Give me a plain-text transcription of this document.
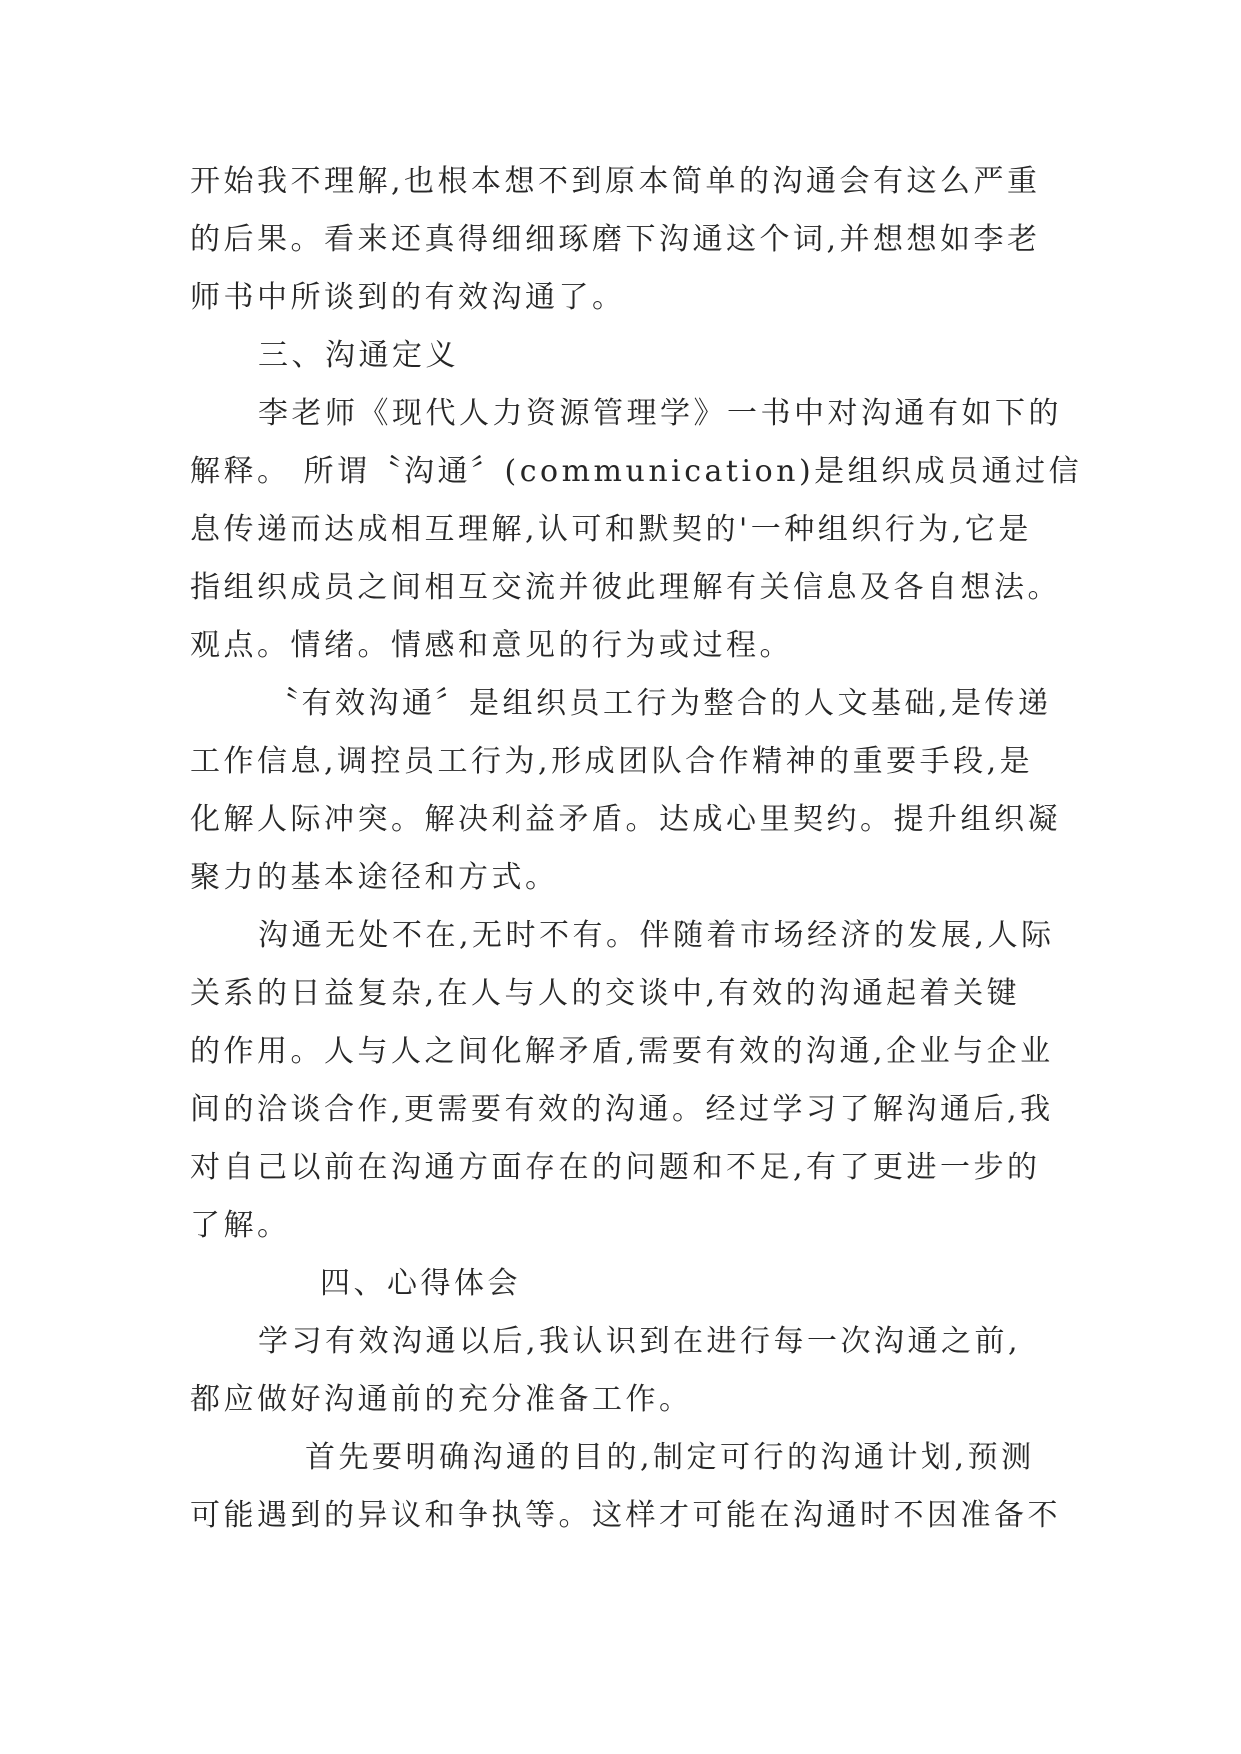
开始我不理解,也根本想不到原本简单的沟通会有这么严重
的后果。看来还真得细细琢磨下沟通这个词,并想想如李老
师书中所谈到的有效沟通了。
三、沟通定义
李老师《现代人力资源管理学》一书中对沟通有如下的
解释。 所谓〝沟通〞(communication)是组织成员通过信
息传递而达成相互理解,认可和默契的'一种组织行为,它是
指组织成员之间相互交流并彼此理解有关信息及各自想法。
观点。情绪。情感和意见的行为或过程。
〝有效沟通〞是组织员工行为整合的人文基础,是传递
工作信息,调控员工行为,形成团队合作精神的重要手段,是
化解人际冲突。解决利益矛盾。达成心里契约。提升组织凝
聚力的基本途径和方式。
沟通无处不在,无时不有。伴随着市场经济的发展,人际
关系的日益复杂,在人与人的交谈中,有效的沟通起着关键
的作用。人与人之间化解矛盾,需要有效的沟通,企业与企业
间的洽谈合作,更需要有效的沟通。经过学习了解沟通后,我
对自己以前在沟通方面存在的问题和不足,有了更进一步的
了解。
四、心得体会
学习有效沟通以后,我认识到在进行每一次沟通之前,
都应做好沟通前的充分准备工作。
首先要明确沟通的目的,制定可行的沟通计划,预测
可能遇到的异议和争执等。这样才可能在沟通时不因准备不
